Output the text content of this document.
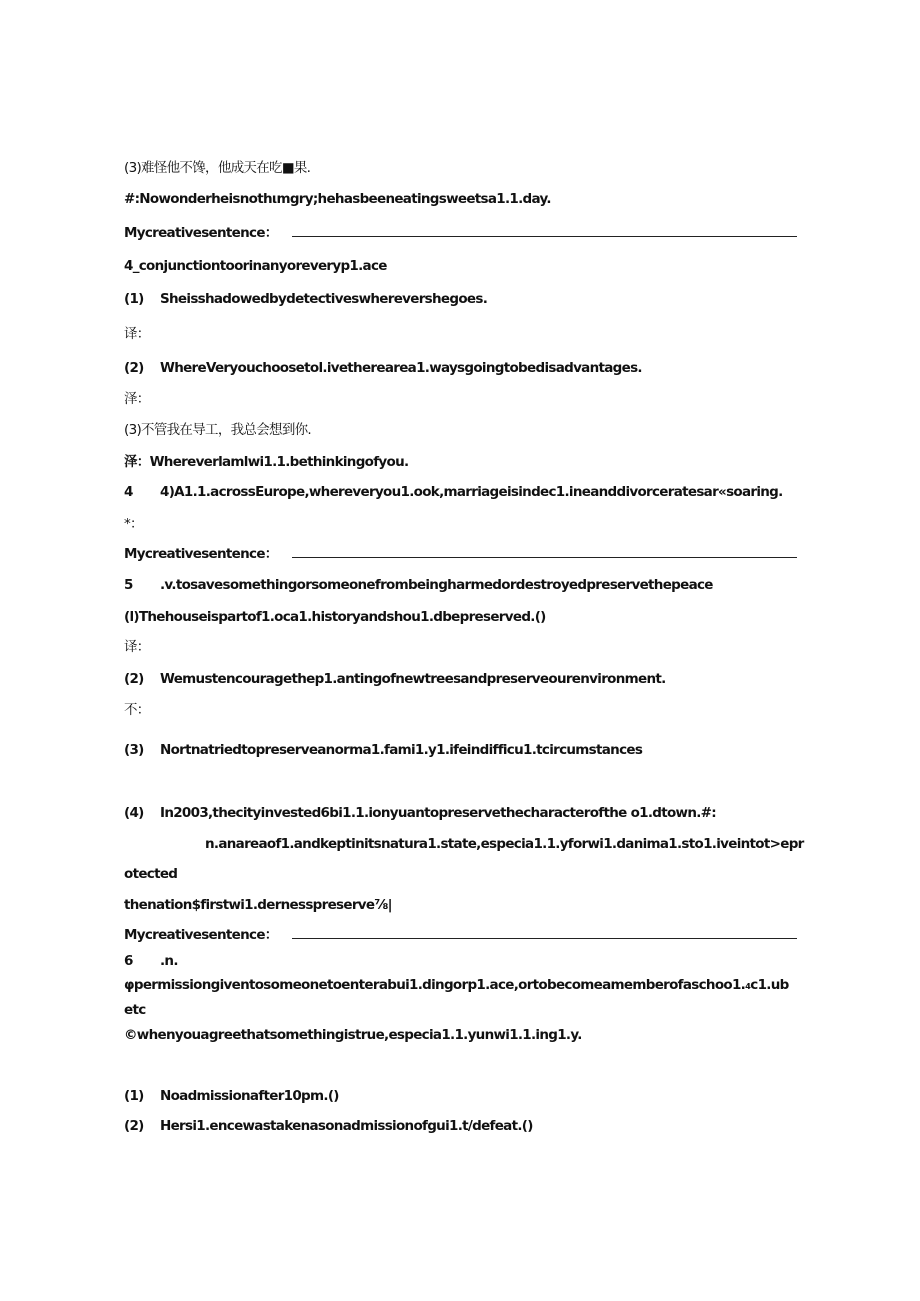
(3)难怪他不馋，他成天在吃■果.
#:Nowonderheisnothιmgry;hehasbeeneatingsweetsa1.1.day.
Mycreativesentence：
4_conjunctiontoorinanyoreveryp1.ace
(1) Sheisshadowedbydetectiveswherevershegoes.
译：
(2) WhereVeryouchoosetol.ivetherearea1.waysgoingtobedisadvantages.
泽：
(3)不管我在导工，我总会想到你.
泽：Whereverlamlwi1.1.bethinkingofyou.
4 4)A1.1.acrossEurope,whereveryou1.ook,marriageisindec1.ineanddivorceratesar«soaring.
*：
Mycreativesentence：
5 .v.tosavesomethingorsomeonefrombeingharmedordestroyedpreservethepeace
(l)Thehouseispartof1.oca1.historyandshou1.dbepreserved.()
译：
(2) Wemustencouragethep1.antingofnewtreesandpreserveourenvironment.
不：
(3) Nortnatriedtopreserveanorma1.fami1.y1.ifeindifficu1.tcircumstances
(4) In2003,thecityinvested6bi1.1.ionyuantopreservethecharacterofthe o1.dtown.#:
n.anareaof1.andkeptinitsnatura1.state,especia1.1.yforwi1.danima1.sto1.iveintot>epr
otected
thenation$firstwi1.dernesspreserve⅞|
Mycreativesentence：
6 .n.
φpermissiongiventosomeonetoenterabui1.dingorp1.ace,ortobecomeamemberofaschoo1.₄c1.ub
etc
©whenyouagreethatsomethingistrue,especia1.1.yunwi1.1.ing1.y.
(1) Noadmissionafter10pm.()
(2) Hersi1.encewastakenasonadmissionofgui1.t/defeat.()
